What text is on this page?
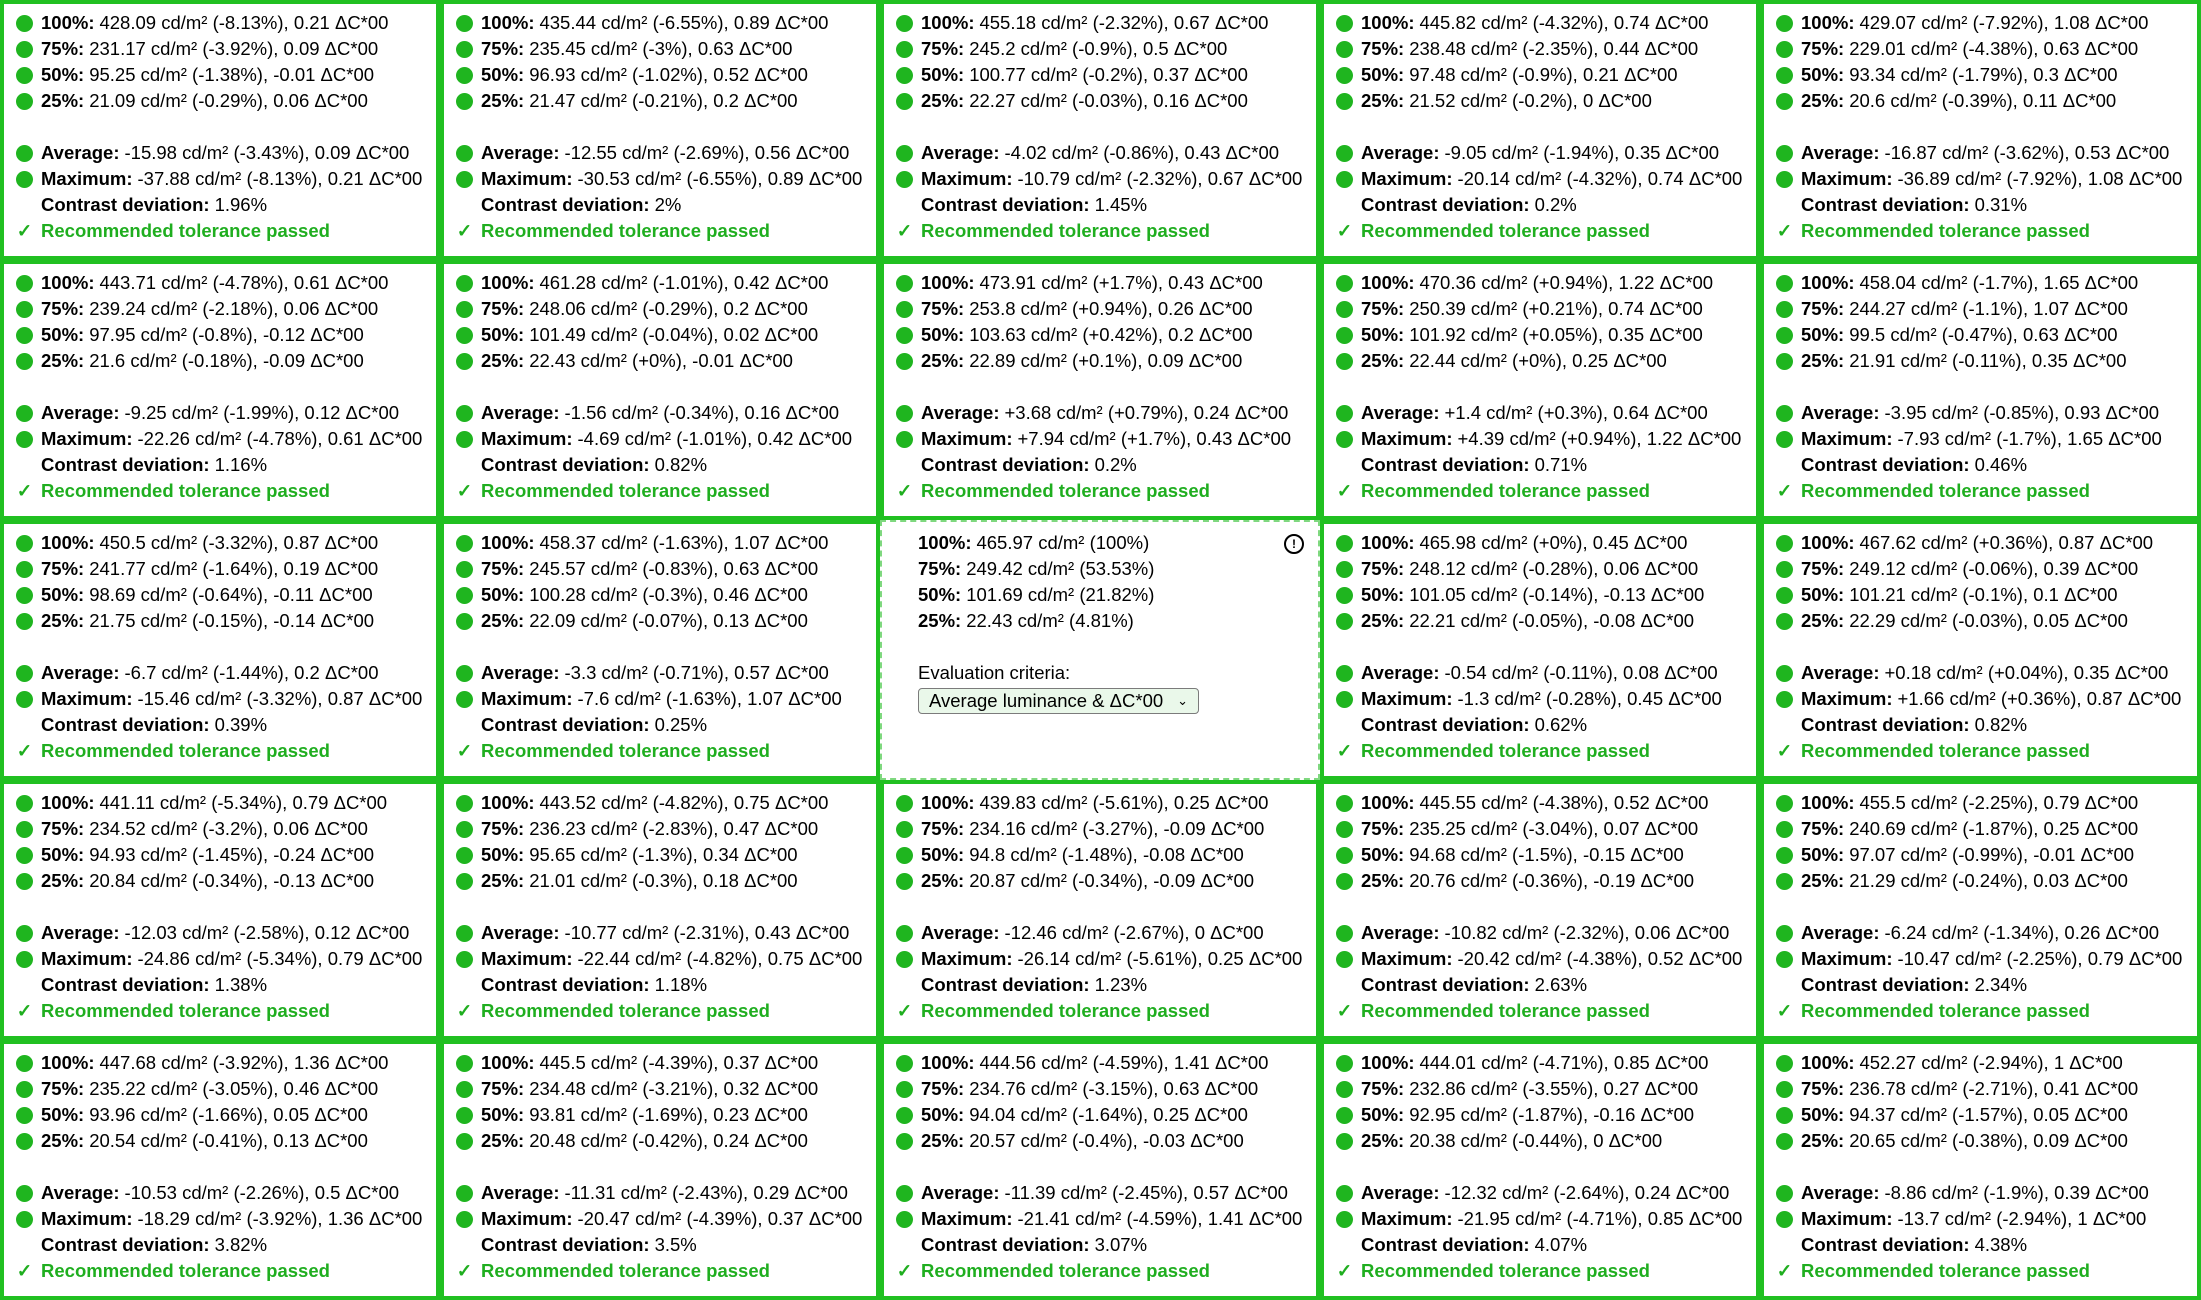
100%: 428.09 cd/m² (-8.13%), 0.21 ΔC*00
75%: 231.17 cd/m² (-3.92%), 0.09 ΔC*00
50%: 95.25 cd/m² (-1.38%), -0.01 ΔC*00
25%: 21.09 cd/m² (-0.29%), 0.06 ΔC*00
Average: -15.98 cd/m² (-3.43%), 0.09 ΔC*00
Maximum: -37.88 cd/m² (-8.13%), 0.21 ΔC*00
Contrast deviation: 1.96%
✓ Recommended tolerance passed
100%: 435.44 cd/m² (-6.55%), 0.89 ΔC*00
75%: 235.45 cd/m² (-3%), 0.63 ΔC*00
50%: 96.93 cd/m² (-1.02%), 0.52 ΔC*00
25%: 21.47 cd/m² (-0.21%), 0.2 ΔC*00
Average: -12.55 cd/m² (-2.69%), 0.56 ΔC*00
Maximum: -30.53 cd/m² (-6.55%), 0.89 ΔC*00
Contrast deviation: 2%
✓ Recommended tolerance passed
100%: 455.18 cd/m² (-2.32%), 0.67 ΔC*00
75%: 245.2 cd/m² (-0.9%), 0.5 ΔC*00
50%: 100.77 cd/m² (-0.2%), 0.37 ΔC*00
25%: 22.27 cd/m² (-0.03%), 0.16 ΔC*00
Average: -4.02 cd/m² (-0.86%), 0.43 ΔC*00
Maximum: -10.79 cd/m² (-2.32%), 0.67 ΔC*00
Contrast deviation: 1.45%
✓ Recommended tolerance passed
100%: 445.82 cd/m² (-4.32%), 0.74 ΔC*00
75%: 238.48 cd/m² (-2.35%), 0.44 ΔC*00
50%: 97.48 cd/m² (-0.9%), 0.21 ΔC*00
25%: 21.52 cd/m² (-0.2%), 0 ΔC*00
Average: -9.05 cd/m² (-1.94%), 0.35 ΔC*00
Maximum: -20.14 cd/m² (-4.32%), 0.74 ΔC*00
Contrast deviation: 0.2%
✓ Recommended tolerance passed
100%: 429.07 cd/m² (-7.92%), 1.08 ΔC*00
75%: 229.01 cd/m² (-4.38%), 0.63 ΔC*00
50%: 93.34 cd/m² (-1.79%), 0.3 ΔC*00
25%: 20.6 cd/m² (-0.39%), 0.11 ΔC*00
Average: -16.87 cd/m² (-3.62%), 0.53 ΔC*00
Maximum: -36.89 cd/m² (-7.92%), 1.08 ΔC*00
Contrast deviation: 0.31%
✓ Recommended tolerance passed
100%: 443.71 cd/m² (-4.78%), 0.61 ΔC*00
75%: 239.24 cd/m² (-2.18%), 0.06 ΔC*00
50%: 97.95 cd/m² (-0.8%), -0.12 ΔC*00
25%: 21.6 cd/m² (-0.18%), -0.09 ΔC*00
Average: -9.25 cd/m² (-1.99%), 0.12 ΔC*00
Maximum: -22.26 cd/m² (-4.78%), 0.61 ΔC*00
Contrast deviation: 1.16%
✓ Recommended tolerance passed
100%: 461.28 cd/m² (-1.01%), 0.42 ΔC*00
75%: 248.06 cd/m² (-0.29%), 0.2 ΔC*00
50%: 101.49 cd/m² (-0.04%), 0.02 ΔC*00
25%: 22.43 cd/m² (+0%), -0.01 ΔC*00
Average: -1.56 cd/m² (-0.34%), 0.16 ΔC*00
Maximum: -4.69 cd/m² (-1.01%), 0.42 ΔC*00
Contrast deviation: 0.82%
✓ Recommended tolerance passed
100%: 473.91 cd/m² (+1.7%), 0.43 ΔC*00
75%: 253.8 cd/m² (+0.94%), 0.26 ΔC*00
50%: 103.63 cd/m² (+0.42%), 0.2 ΔC*00
25%: 22.89 cd/m² (+0.1%), 0.09 ΔC*00
Average: +3.68 cd/m² (+0.79%), 0.24 ΔC*00
Maximum: +7.94 cd/m² (+1.7%), 0.43 ΔC*00
Contrast deviation: 0.2%
✓ Recommended tolerance passed
100%: 470.36 cd/m² (+0.94%), 1.22 ΔC*00
75%: 250.39 cd/m² (+0.21%), 0.74 ΔC*00
50%: 101.92 cd/m² (+0.05%), 0.35 ΔC*00
25%: 22.44 cd/m² (+0%), 0.25 ΔC*00
Average: +1.4 cd/m² (+0.3%), 0.64 ΔC*00
Maximum: +4.39 cd/m² (+0.94%), 1.22 ΔC*00
Contrast deviation: 0.71%
✓ Recommended tolerance passed
100%: 458.04 cd/m² (-1.7%), 1.65 ΔC*00
75%: 244.27 cd/m² (-1.1%), 1.07 ΔC*00
50%: 99.5 cd/m² (-0.47%), 0.63 ΔC*00
25%: 21.91 cd/m² (-0.11%), 0.35 ΔC*00
Average: -3.95 cd/m² (-0.85%), 0.93 ΔC*00
Maximum: -7.93 cd/m² (-1.7%), 1.65 ΔC*00
Contrast deviation: 0.46%
✓ Recommended tolerance passed
100%: 450.5 cd/m² (-3.32%), 0.87 ΔC*00
75%: 241.77 cd/m² (-1.64%), 0.19 ΔC*00
50%: 98.69 cd/m² (-0.64%), -0.11 ΔC*00
25%: 21.75 cd/m² (-0.15%), -0.14 ΔC*00
Average: -6.7 cd/m² (-1.44%), 0.2 ΔC*00
Maximum: -15.46 cd/m² (-3.32%), 0.87 ΔC*00
Contrast deviation: 0.39%
✓ Recommended tolerance passed
100%: 458.37 cd/m² (-1.63%), 1.07 ΔC*00
75%: 245.57 cd/m² (-0.83%), 0.63 ΔC*00
50%: 100.28 cd/m² (-0.3%), 0.46 ΔC*00
25%: 22.09 cd/m² (-0.07%), 0.13 ΔC*00
Average: -3.3 cd/m² (-0.71%), 0.57 ΔC*00
Maximum: -7.6 cd/m² (-1.63%), 1.07 ΔC*00
Contrast deviation: 0.25%
✓ Recommended tolerance passed
100%: 465.97 cd/m² (100%)
75%: 249.42 cd/m² (53.53%)
50%: 101.69 cd/m² (21.82%)
25%: 22.43 cd/m² (4.81%)
!
Evaluation criteria:
Average luminance & ΔC*00 ⌄
100%: 465.98 cd/m² (+0%), 0.45 ΔC*00
75%: 248.12 cd/m² (-0.28%), 0.06 ΔC*00
50%: 101.05 cd/m² (-0.14%), -0.13 ΔC*00
25%: 22.21 cd/m² (-0.05%), -0.08 ΔC*00
Average: -0.54 cd/m² (-0.11%), 0.08 ΔC*00
Maximum: -1.3 cd/m² (-0.28%), 0.45 ΔC*00
Contrast deviation: 0.62%
✓ Recommended tolerance passed
100%: 467.62 cd/m² (+0.36%), 0.87 ΔC*00
75%: 249.12 cd/m² (-0.06%), 0.39 ΔC*00
50%: 101.21 cd/m² (-0.1%), 0.1 ΔC*00
25%: 22.29 cd/m² (-0.03%), 0.05 ΔC*00
Average: +0.18 cd/m² (+0.04%), 0.35 ΔC*00
Maximum: +1.66 cd/m² (+0.36%), 0.87 ΔC*00
Contrast deviation: 0.82%
✓ Recommended tolerance passed
100%: 441.11 cd/m² (-5.34%), 0.79 ΔC*00
75%: 234.52 cd/m² (-3.2%), 0.06 ΔC*00
50%: 94.93 cd/m² (-1.45%), -0.24 ΔC*00
25%: 20.84 cd/m² (-0.34%), -0.13 ΔC*00
Average: -12.03 cd/m² (-2.58%), 0.12 ΔC*00
Maximum: -24.86 cd/m² (-5.34%), 0.79 ΔC*00
Contrast deviation: 1.38%
✓ Recommended tolerance passed
100%: 443.52 cd/m² (-4.82%), 0.75 ΔC*00
75%: 236.23 cd/m² (-2.83%), 0.47 ΔC*00
50%: 95.65 cd/m² (-1.3%), 0.34 ΔC*00
25%: 21.01 cd/m² (-0.3%), 0.18 ΔC*00
Average: -10.77 cd/m² (-2.31%), 0.43 ΔC*00
Maximum: -22.44 cd/m² (-4.82%), 0.75 ΔC*00
Contrast deviation: 1.18%
✓ Recommended tolerance passed
100%: 439.83 cd/m² (-5.61%), 0.25 ΔC*00
75%: 234.16 cd/m² (-3.27%), -0.09 ΔC*00
50%: 94.8 cd/m² (-1.48%), -0.08 ΔC*00
25%: 20.87 cd/m² (-0.34%), -0.09 ΔC*00
Average: -12.46 cd/m² (-2.67%), 0 ΔC*00
Maximum: -26.14 cd/m² (-5.61%), 0.25 ΔC*00
Contrast deviation: 1.23%
✓ Recommended tolerance passed
100%: 445.55 cd/m² (-4.38%), 0.52 ΔC*00
75%: 235.25 cd/m² (-3.04%), 0.07 ΔC*00
50%: 94.68 cd/m² (-1.5%), -0.15 ΔC*00
25%: 20.76 cd/m² (-0.36%), -0.19 ΔC*00
Average: -10.82 cd/m² (-2.32%), 0.06 ΔC*00
Maximum: -20.42 cd/m² (-4.38%), 0.52 ΔC*00
Contrast deviation: 2.63%
✓ Recommended tolerance passed
100%: 455.5 cd/m² (-2.25%), 0.79 ΔC*00
75%: 240.69 cd/m² (-1.87%), 0.25 ΔC*00
50%: 97.07 cd/m² (-0.99%), -0.01 ΔC*00
25%: 21.29 cd/m² (-0.24%), 0.03 ΔC*00
Average: -6.24 cd/m² (-1.34%), 0.26 ΔC*00
Maximum: -10.47 cd/m² (-2.25%), 0.79 ΔC*00
Contrast deviation: 2.34%
✓ Recommended tolerance passed
100%: 447.68 cd/m² (-3.92%), 1.36 ΔC*00
75%: 235.22 cd/m² (-3.05%), 0.46 ΔC*00
50%: 93.96 cd/m² (-1.66%), 0.05 ΔC*00
25%: 20.54 cd/m² (-0.41%), 0.13 ΔC*00
Average: -10.53 cd/m² (-2.26%), 0.5 ΔC*00
Maximum: -18.29 cd/m² (-3.92%), 1.36 ΔC*00
Contrast deviation: 3.82%
✓ Recommended tolerance passed
100%: 445.5 cd/m² (-4.39%), 0.37 ΔC*00
75%: 234.48 cd/m² (-3.21%), 0.32 ΔC*00
50%: 93.81 cd/m² (-1.69%), 0.23 ΔC*00
25%: 20.48 cd/m² (-0.42%), 0.24 ΔC*00
Average: -11.31 cd/m² (-2.43%), 0.29 ΔC*00
Maximum: -20.47 cd/m² (-4.39%), 0.37 ΔC*00
Contrast deviation: 3.5%
✓ Recommended tolerance passed
100%: 444.56 cd/m² (-4.59%), 1.41 ΔC*00
75%: 234.76 cd/m² (-3.15%), 0.63 ΔC*00
50%: 94.04 cd/m² (-1.64%), 0.25 ΔC*00
25%: 20.57 cd/m² (-0.4%), -0.03 ΔC*00
Average: -11.39 cd/m² (-2.45%), 0.57 ΔC*00
Maximum: -21.41 cd/m² (-4.59%), 1.41 ΔC*00
Contrast deviation: 3.07%
✓ Recommended tolerance passed
100%: 444.01 cd/m² (-4.71%), 0.85 ΔC*00
75%: 232.86 cd/m² (-3.55%), 0.27 ΔC*00
50%: 92.95 cd/m² (-1.87%), -0.16 ΔC*00
25%: 20.38 cd/m² (-0.44%), 0 ΔC*00
Average: -12.32 cd/m² (-2.64%), 0.24 ΔC*00
Maximum: -21.95 cd/m² (-4.71%), 0.85 ΔC*00
Contrast deviation: 4.07%
✓ Recommended tolerance passed
100%: 452.27 cd/m² (-2.94%), 1 ΔC*00
75%: 236.78 cd/m² (-2.71%), 0.41 ΔC*00
50%: 94.37 cd/m² (-1.57%), 0.05 ΔC*00
25%: 20.65 cd/m² (-0.38%), 0.09 ΔC*00
Average: -8.86 cd/m² (-1.9%), 0.39 ΔC*00
Maximum: -13.7 cd/m² (-2.94%), 1 ΔC*00
Contrast deviation: 4.38%
✓ Recommended tolerance passed
